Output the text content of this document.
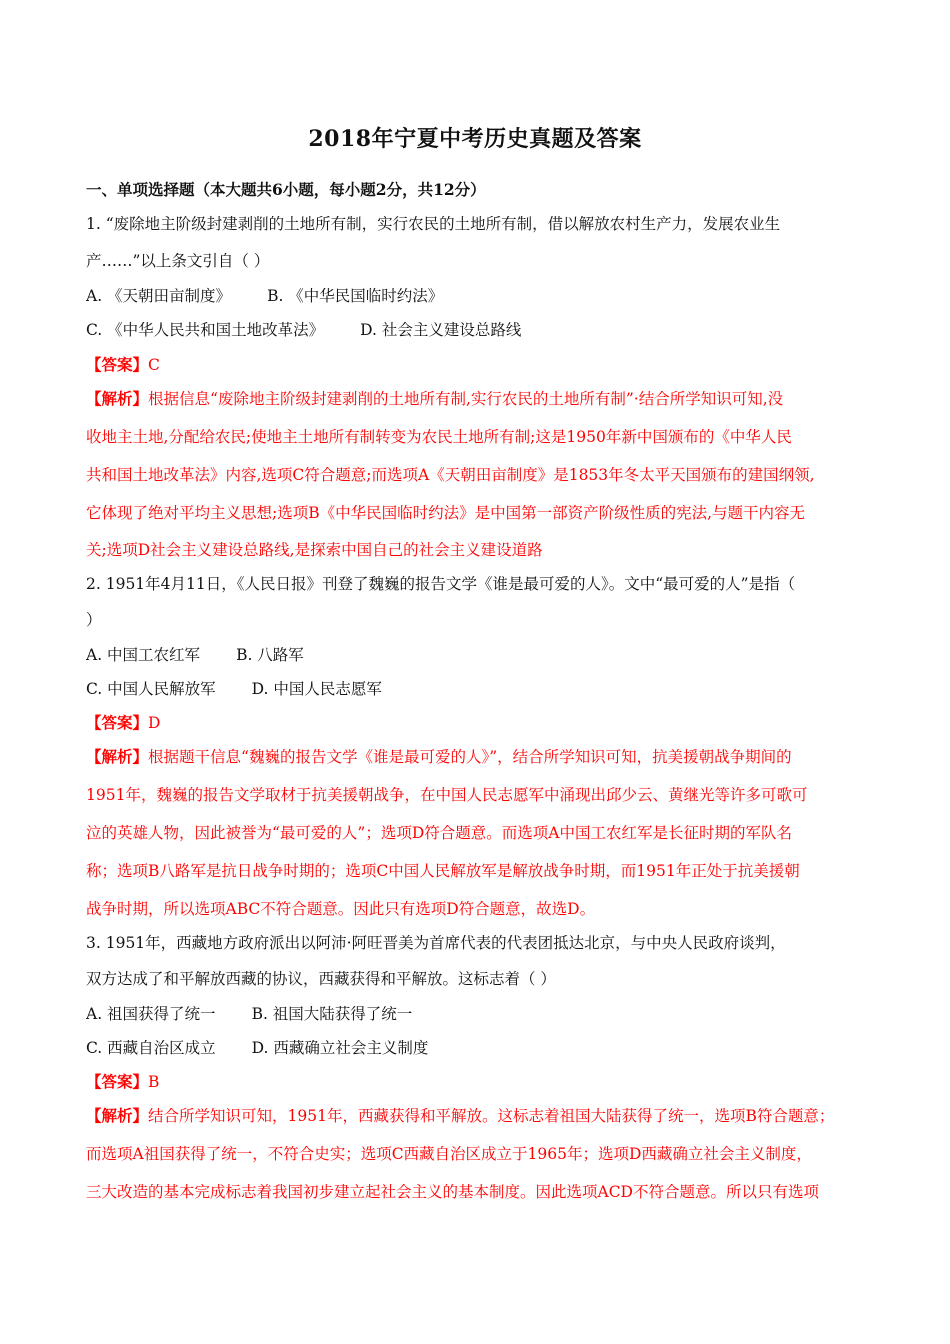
2018年宁夏中考历史真题及答案
一、单项选择题（本大题共6小题，每小题2分，共12分）
1. “废除地主阶级封建剥削的土地所有制，实行农民的土地所有制，借以解放农村生产力，发展农业生
产……”以上条文引自（ ）
A. 《天朝田亩制度》 B. 《中华民国临时约法》
C. 《中华人民共和国土地改革法》 D. 社会主义建设总路线
【答案】C
【解析】根据信息“废除地主阶级封建剥削的土地所有制,实行农民的土地所有制”·结合所学知识可知,没
收地主土地,分配给农民;使地主土地所有制转变为农民土地所有制;这是1950年新中国颁布的《中华人民
共和国土地改革法》内容,选项C符合题意;而选项A《天朝田亩制度》是1853年冬太平天国颁布的建国纲领,
它体现了绝对平均主义思想;选项B《中华民国临时约法》是中国第一部资产阶级性质的宪法,与题干内容无
关;选项D社会主义建设总路线,是探索中国自己的社会主义建设道路
2. 1951年4月11日，《人民日报》刊登了魏巍的报告文学《谁是最可爱的人》。文中“最可爱的人”是指（
）
A. 中国工农红军 B. 八路军
C. 中国人民解放军 D. 中国人民志愿军
【答案】D
【解析】根据题干信息“魏巍的报告文学《谁是最可爱的人》”，结合所学知识可知，抗美援朝战争期间的
1951年，魏巍的报告文学取材于抗美援朝战争，在中国人民志愿军中涌现出邱少云、黄继光等许多可歌可
泣的英雄人物，因此被誉为“最可爱的人”；选项D符合题意。而选项A中国工农红军是长征时期的军队名
称；选项B八路军是抗日战争时期的；选项C中国人民解放军是解放战争时期，而1951年正处于抗美援朝
战争时期，所以选项ABC不符合题意。因此只有选项D符合题意，故选D。
3. 1951年，西藏地方政府派出以阿沛·阿旺晋美为首席代表的代表团抵达北京，与中央人民政府谈判，
双方达成了和平解放西藏的协议，西藏获得和平解放。这标志着（ ）
A. 祖国获得了统一 B. 祖国大陆获得了统一
C. 西藏自治区成立 D. 西藏确立社会主义制度
【答案】B
【解析】结合所学知识可知，1951年，西藏获得和平解放。这标志着祖国大陆获得了统一，选项B符合题意；
而选项A祖国获得了统一，不符合史实；选项C西藏自治区成立于1965年；选项D西藏确立社会主义制度，
三大改造的基本完成标志着我国初步建立起社会主义的基本制度。因此选项ACD不符合题意。所以只有选项
